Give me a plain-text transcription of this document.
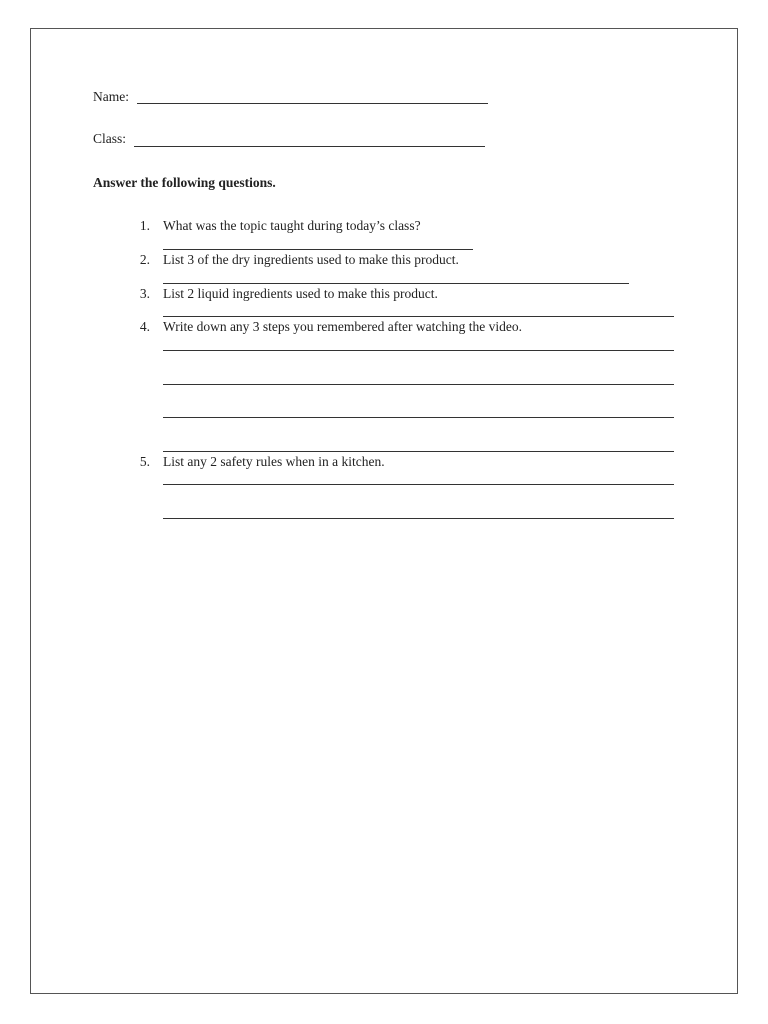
Name:
Class:
Answer the following questions.
1. What was the topic taught during today’s class?
2. List 3 of the dry ingredients used to make this product.
3. List 2 liquid ingredients used to make this product.
4. Write down any 3 steps you remembered after watching the video.
5. List any 2 safety rules when in a kitchen.
